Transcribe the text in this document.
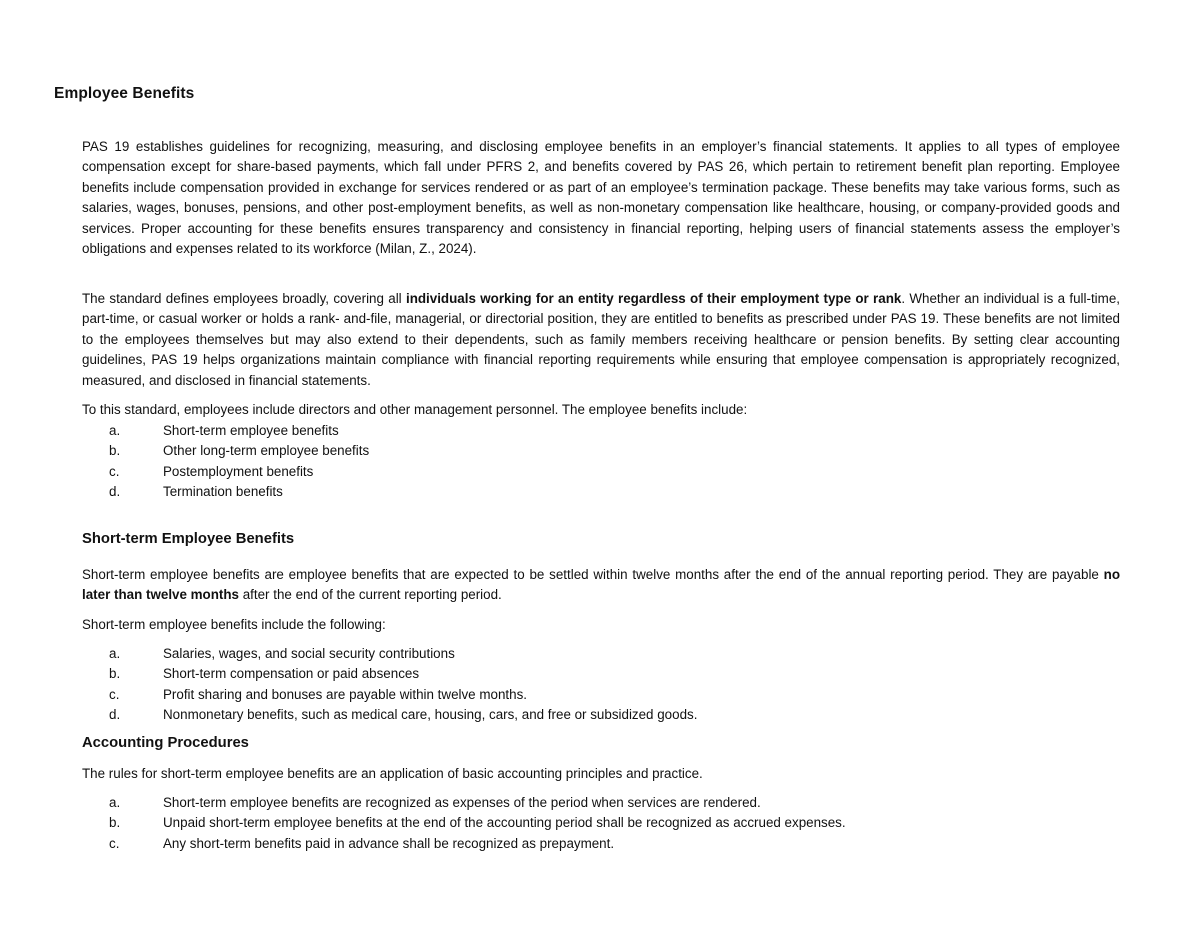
Employee Benefits
PAS 19 establishes guidelines for recognizing, measuring, and disclosing employee benefits in an employer’s financial statements. It applies to all types of employee compensation except for share-based payments, which fall under PFRS 2, and benefits covered by PAS 26, which pertain to retirement benefit plan reporting. Employee benefits include compensation provided in exchange for services rendered or as part of an employee’s termination package. These benefits may take various forms, such as salaries, wages, bonuses, pensions, and other post-employment benefits, as well as non-monetary compensation like healthcare, housing, or company-provided goods and services. Proper accounting for these benefits ensures transparency and consistency in financial reporting, helping users of financial statements assess the employer’s obligations and expenses related to its workforce (Milan, Z., 2024).
The standard defines employees broadly, covering all individuals working for an entity regardless of their employment type or rank. Whether an individual is a full-time, part-time, or casual worker or holds a rank- and-file, managerial, or directorial position, they are entitled to benefits as prescribed under PAS 19. These benefits are not limited to the employees themselves but may also extend to their dependents, such as family members receiving healthcare or pension benefits. By setting clear accounting guidelines, PAS 19 helps organizations maintain compliance with financial reporting requirements while ensuring that employee compensation is appropriately recognized, measured, and disclosed in financial statements.
To this standard, employees include directors and other management personnel. The employee benefits include:
a.	Short-term employee benefits
b.	Other long-term employee benefits
c.	Postemployment benefits
d.	Termination benefits
Short-term Employee Benefits
Short-term employee benefits are employee benefits that are expected to be settled within twelve months after the end of the annual reporting period. They are payable no later than twelve months after the end of the current reporting period.
Short-term employee benefits include the following:
a.	Salaries, wages, and social security contributions
b.	Short-term compensation or paid absences
c.	Profit sharing and bonuses are payable within twelve months.
d.	Nonmonetary benefits, such as medical care, housing, cars, and free or subsidized goods.
Accounting Procedures
The rules for short-term employee benefits are an application of basic accounting principles and practice.
a.	Short-term employee benefits are recognized as expenses of the period when services are rendered.
b.	Unpaid short-term employee benefits at the end of the accounting period shall be recognized as accrued expenses.
c.	Any short-term benefits paid in advance shall be recognized as prepayment.
